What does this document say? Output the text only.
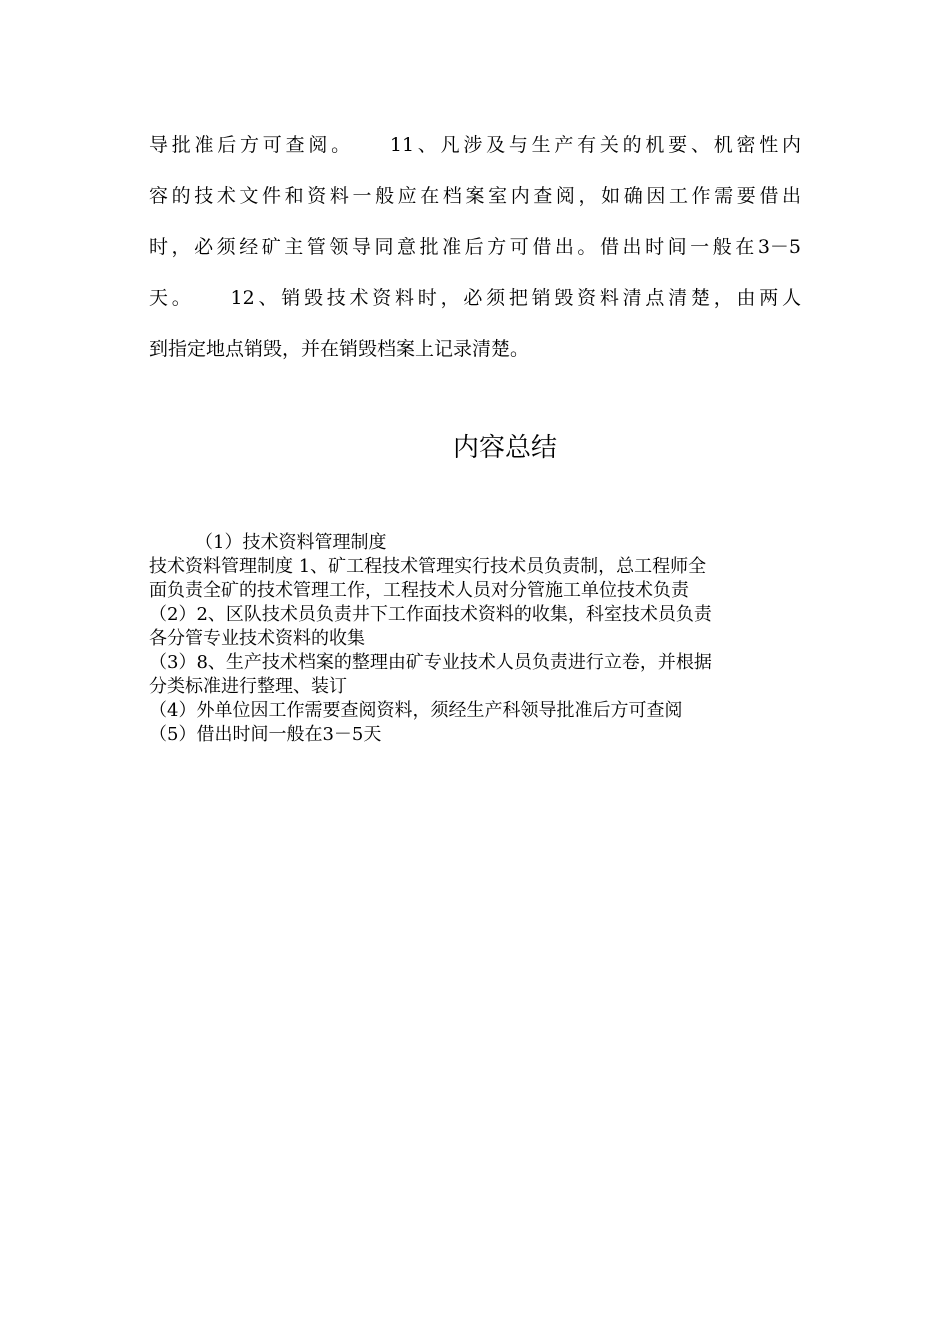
导批准后方可查阅。　　11、凡涉及与生产有关的机要、机密性内
容的技术文件和资料一般应在档案室内查阅，如确因工作需要借出
时，必须经矿主管领导同意批准后方可借出。借出时间一般在3－5
天。　　12、销毁技术资料时，必须把销毁资料清点清楚，由两人
到指定地点销毁，并在销毁档案上记录清楚。
内容总结
（1）技术资料管理制度
技术资料管理制度 1、矿工程技术管理实行技术员负责制，总工程师全
面负责全矿的技术管理工作，工程技术人员对分管施工单位技术负责
（2）2、区队技术员负责井下工作面技术资料的收集，科室技术员负责
各分管专业技术资料的收集
（3）8、生产技术档案的整理由矿专业技术人员负责进行立卷，并根据
分类标准进行整理、装订
（4）外单位因工作需要查阅资料，须经生产科领导批准后方可查阅
（5）借出时间一般在3－5天
